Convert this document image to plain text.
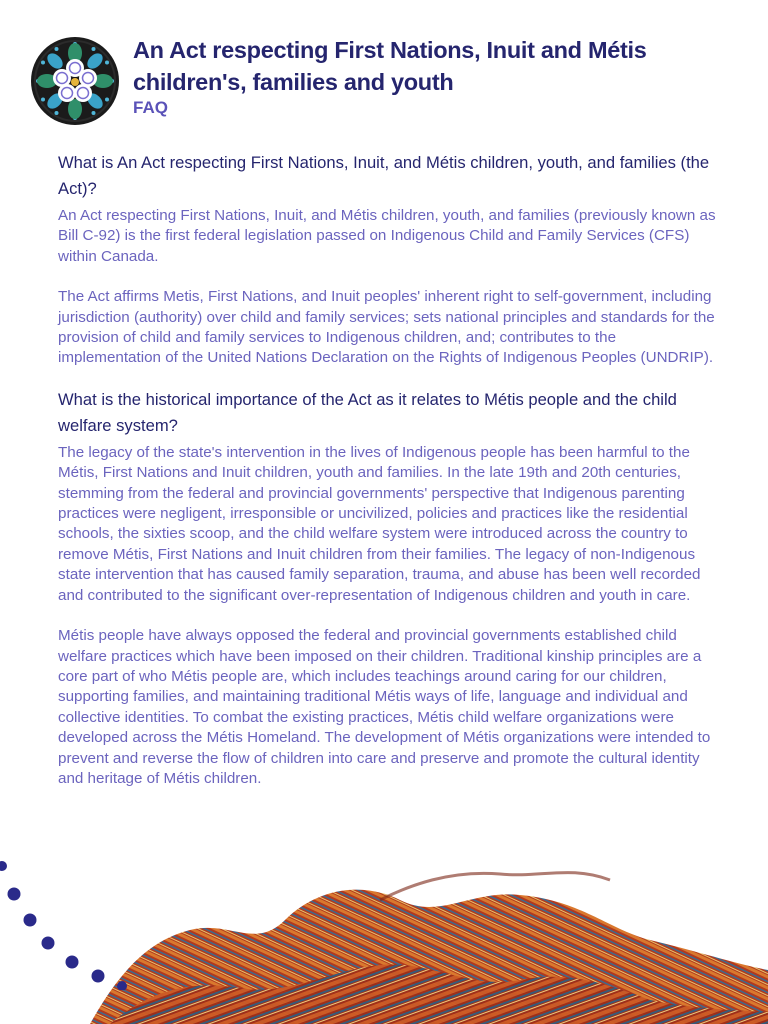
An Act respecting First Nations, Inuit and Métis children's, families and youth
FAQ
What is An Act respecting First Nations, Inuit, and Métis children, youth, and families (the Act)?

An Act respecting First Nations, Inuit, and Métis children, youth, and families (previously known as Bill C-92) is the first federal legislation passed on Indigenous Child and Family Services (CFS) within Canada.

The Act affirms Metis, First Nations, and Inuit peoples' inherent right to self-government, including jurisdiction (authority) over child and family services; sets national principles and standards for the provision of child and family services to Indigenous children, and; contributes to the implementation of the United Nations Declaration on the Rights of Indigenous Peoples (UNDRIP).

What is the historical importance of the Act as it relates to Métis people and the child welfare system?

The legacy of the state's intervention in the lives of Indigenous people has been harmful to the Métis, First Nations and Inuit children, youth and families. In the late 19th and 20th centuries, stemming from the federal and provincial governments' perspective that Indigenous parenting practices were negligent, irresponsible or uncivilized, policies and practices like the residential schools, the sixties scoop, and the child welfare system were introduced across the country to remove Métis, First Nations and Inuit children from their families. The legacy of non-Indigenous state intervention that has caused family separation, trauma, and abuse has been well recorded and contributed to the significant over-representation of Indigenous children and youth in care.

Métis people have always opposed the federal and provincial governments established child welfare practices which have been imposed on their children. Traditional kinship principles are a core part of who Métis people are, which includes teachings around caring for our children, supporting families, and maintaining traditional Métis ways of life, language and individual and collective identities. To combat the existing practices, Métis child welfare organizations were developed across the Métis Homeland. The development of Métis organizations were intended to prevent and reverse the flow of children into care and preserve and promote the cultural identity and heritage of Métis children.
